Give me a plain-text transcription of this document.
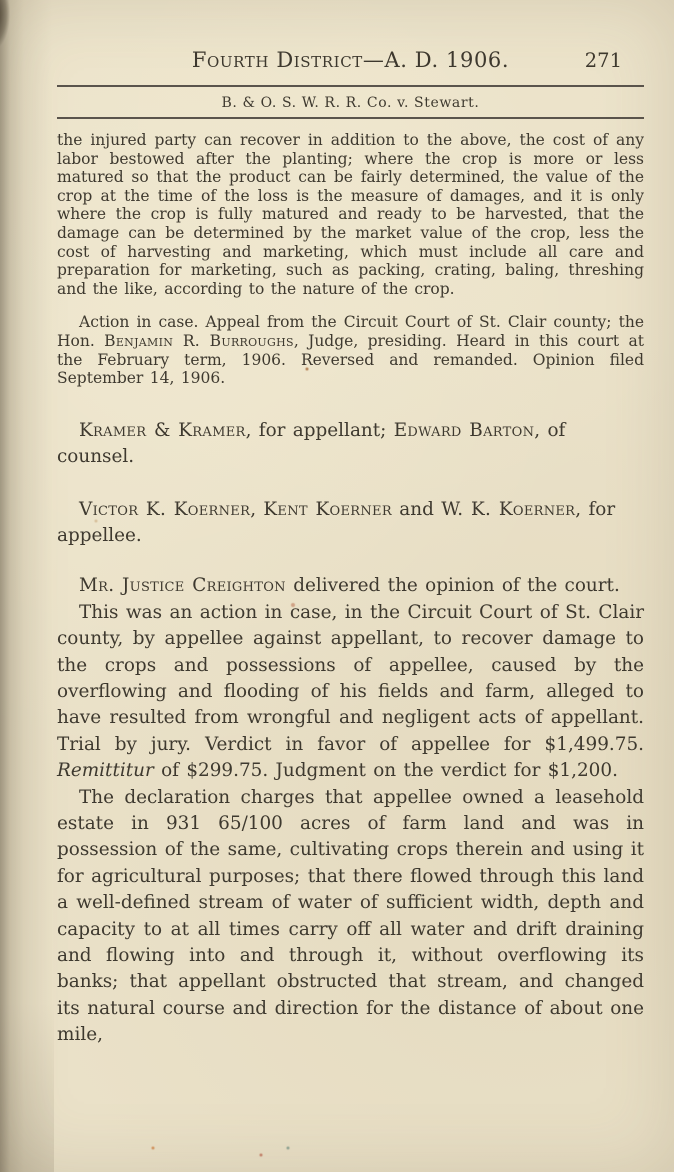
Fourth District—A. D. 1906.	271
B. & O. S. W. R. R. Co. v. Stewart.

the injured party can recover in addition to the above, the cost of any labor bestowed after the planting; where the crop is more or less matured so that the product can be fairly determined, the value of the crop at the time of the loss is the measure of damages, and it is only where the crop is fully matured and ready to be harvested, that the damage can be determined by the market value of the crop, less the cost of harvesting and marketing, which must include all care and preparation for marketing, such as packing, crating, baling, threshing and the like, according to the nature of the crop.

Action in case. Appeal from the Circuit Court of St. Clair county; the Hon. Benjamin R. Burroughs, Judge, presiding. Heard in this court at the February term, 1906. Reversed and remanded. Opinion filed September 14, 1906.

Kramer & Kramer, for appellant; Edward Barton, of counsel.

Victor K. Koerner, Kent Koerner and W. K. Koerner, for appellee.

Mr. Justice Creighton delivered the opinion of the court.

This was an action in case, in the Circuit Court of St. Clair county, by appellee against appellant, to recover damage to the crops and possessions of appellee, caused by the overflowing and flooding of his fields and farm, alleged to have resulted from wrongful and negligent acts of appellant. Trial by jury. Verdict in favor of appellee for $1,499.75. Remittitur of $299.75. Judgment on the verdict for $1,200.

The declaration charges that appellee owned a leasehold estate in 931 65/100 acres of farm land and was in possession of the same, cultivating crops therein and using it for agricultural purposes; that there flowed through this land a well-defined stream of water of sufficient width, depth and capacity to at all times carry off all water and drift draining and flowing into and through it, without overflowing its banks; that appellant obstructed that stream, and changed its natural course and direction for the distance of about one mile,
